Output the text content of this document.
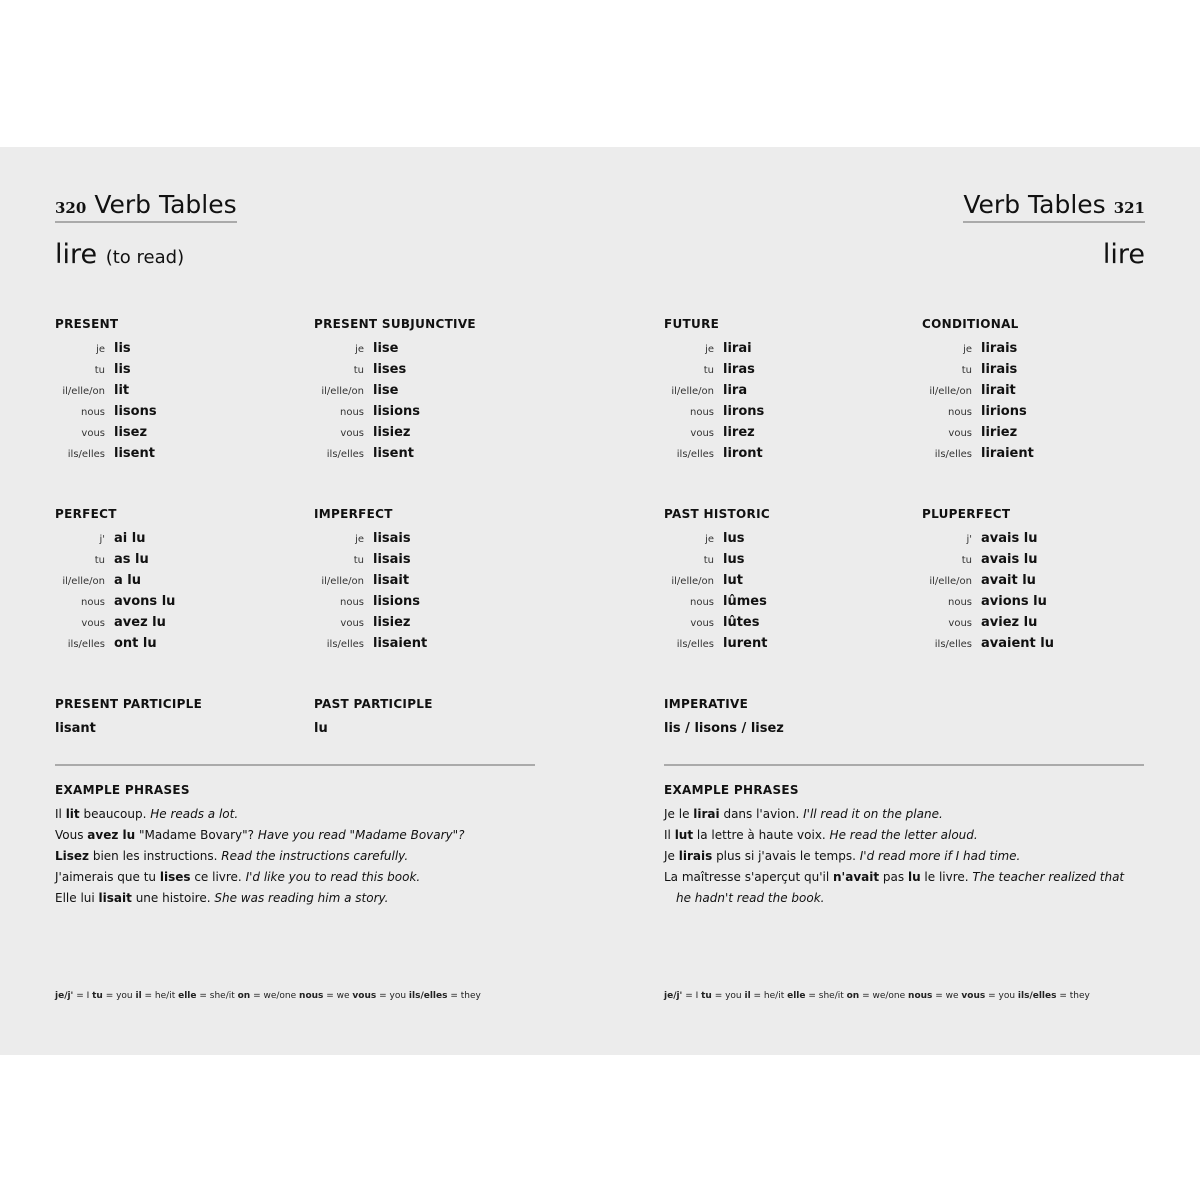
320 Verb Tables
lire (to read)
PRESENT
je lis
tu lis
il/elle/on lit
nous lisons
vous lisez
ils/elles lisent
PRESENT SUBJUNCTIVE
je lise
tu lises
il/elle/on lise
nous lisions
vous lisiez
ils/elles lisent
PERFECT
j' ai lu
tu as lu
il/elle/on a lu
nous avons lu
vous avez lu
ils/elles ont lu
IMPERFECT
je lisais
tu lisais
il/elle/on lisait
nous lisions
vous lisiez
ils/elles lisaient
PRESENT PARTICIPLE
lisant
PAST PARTICIPLE
lu
EXAMPLE PHRASES
Il lit beaucoup. He reads a lot.
Vous avez lu "Madame Bovary"? Have you read "Madame Bovary"?
Lisez bien les instructions. Read the instructions carefully.
J'aimerais que tu lises ce livre. I'd like you to read this book.
Elle lui lisait une histoire. She was reading him a story.
je/j' = I tu = you il = he/it elle = she/it on = we/one nous = we vous = you ils/elles = they
Verb Tables 321
lire
FUTURE
je lirai
tu liras
il/elle/on lira
nous lirons
vous lirez
ils/elles liront
CONDITIONAL
je lirais
tu lirais
il/elle/on lirait
nous lirions
vous liriez
ils/elles liraient
PAST HISTORIC
je lus
tu lus
il/elle/on lut
nous lûmes
vous lûtes
ils/elles lurent
PLUPERFECT
j' avais lu
tu avais lu
il/elle/on avait lu
nous avions lu
vous aviez lu
ils/elles avaient lu
IMPERATIVE
lis / lisons / lisez
EXAMPLE PHRASES
Je le lirai dans l'avion. I'll read it on the plane.
Il lut la lettre à haute voix. He read the letter aloud.
Je lirais plus si j'avais le temps. I'd read more if I had time.
La maîtresse s'aperçut qu'il n'avait pas lu le livre. The teacher realized that
he hadn't read the book.
je/j' = I tu = you il = he/it elle = she/it on = we/one nous = we vous = you ils/elles = they
